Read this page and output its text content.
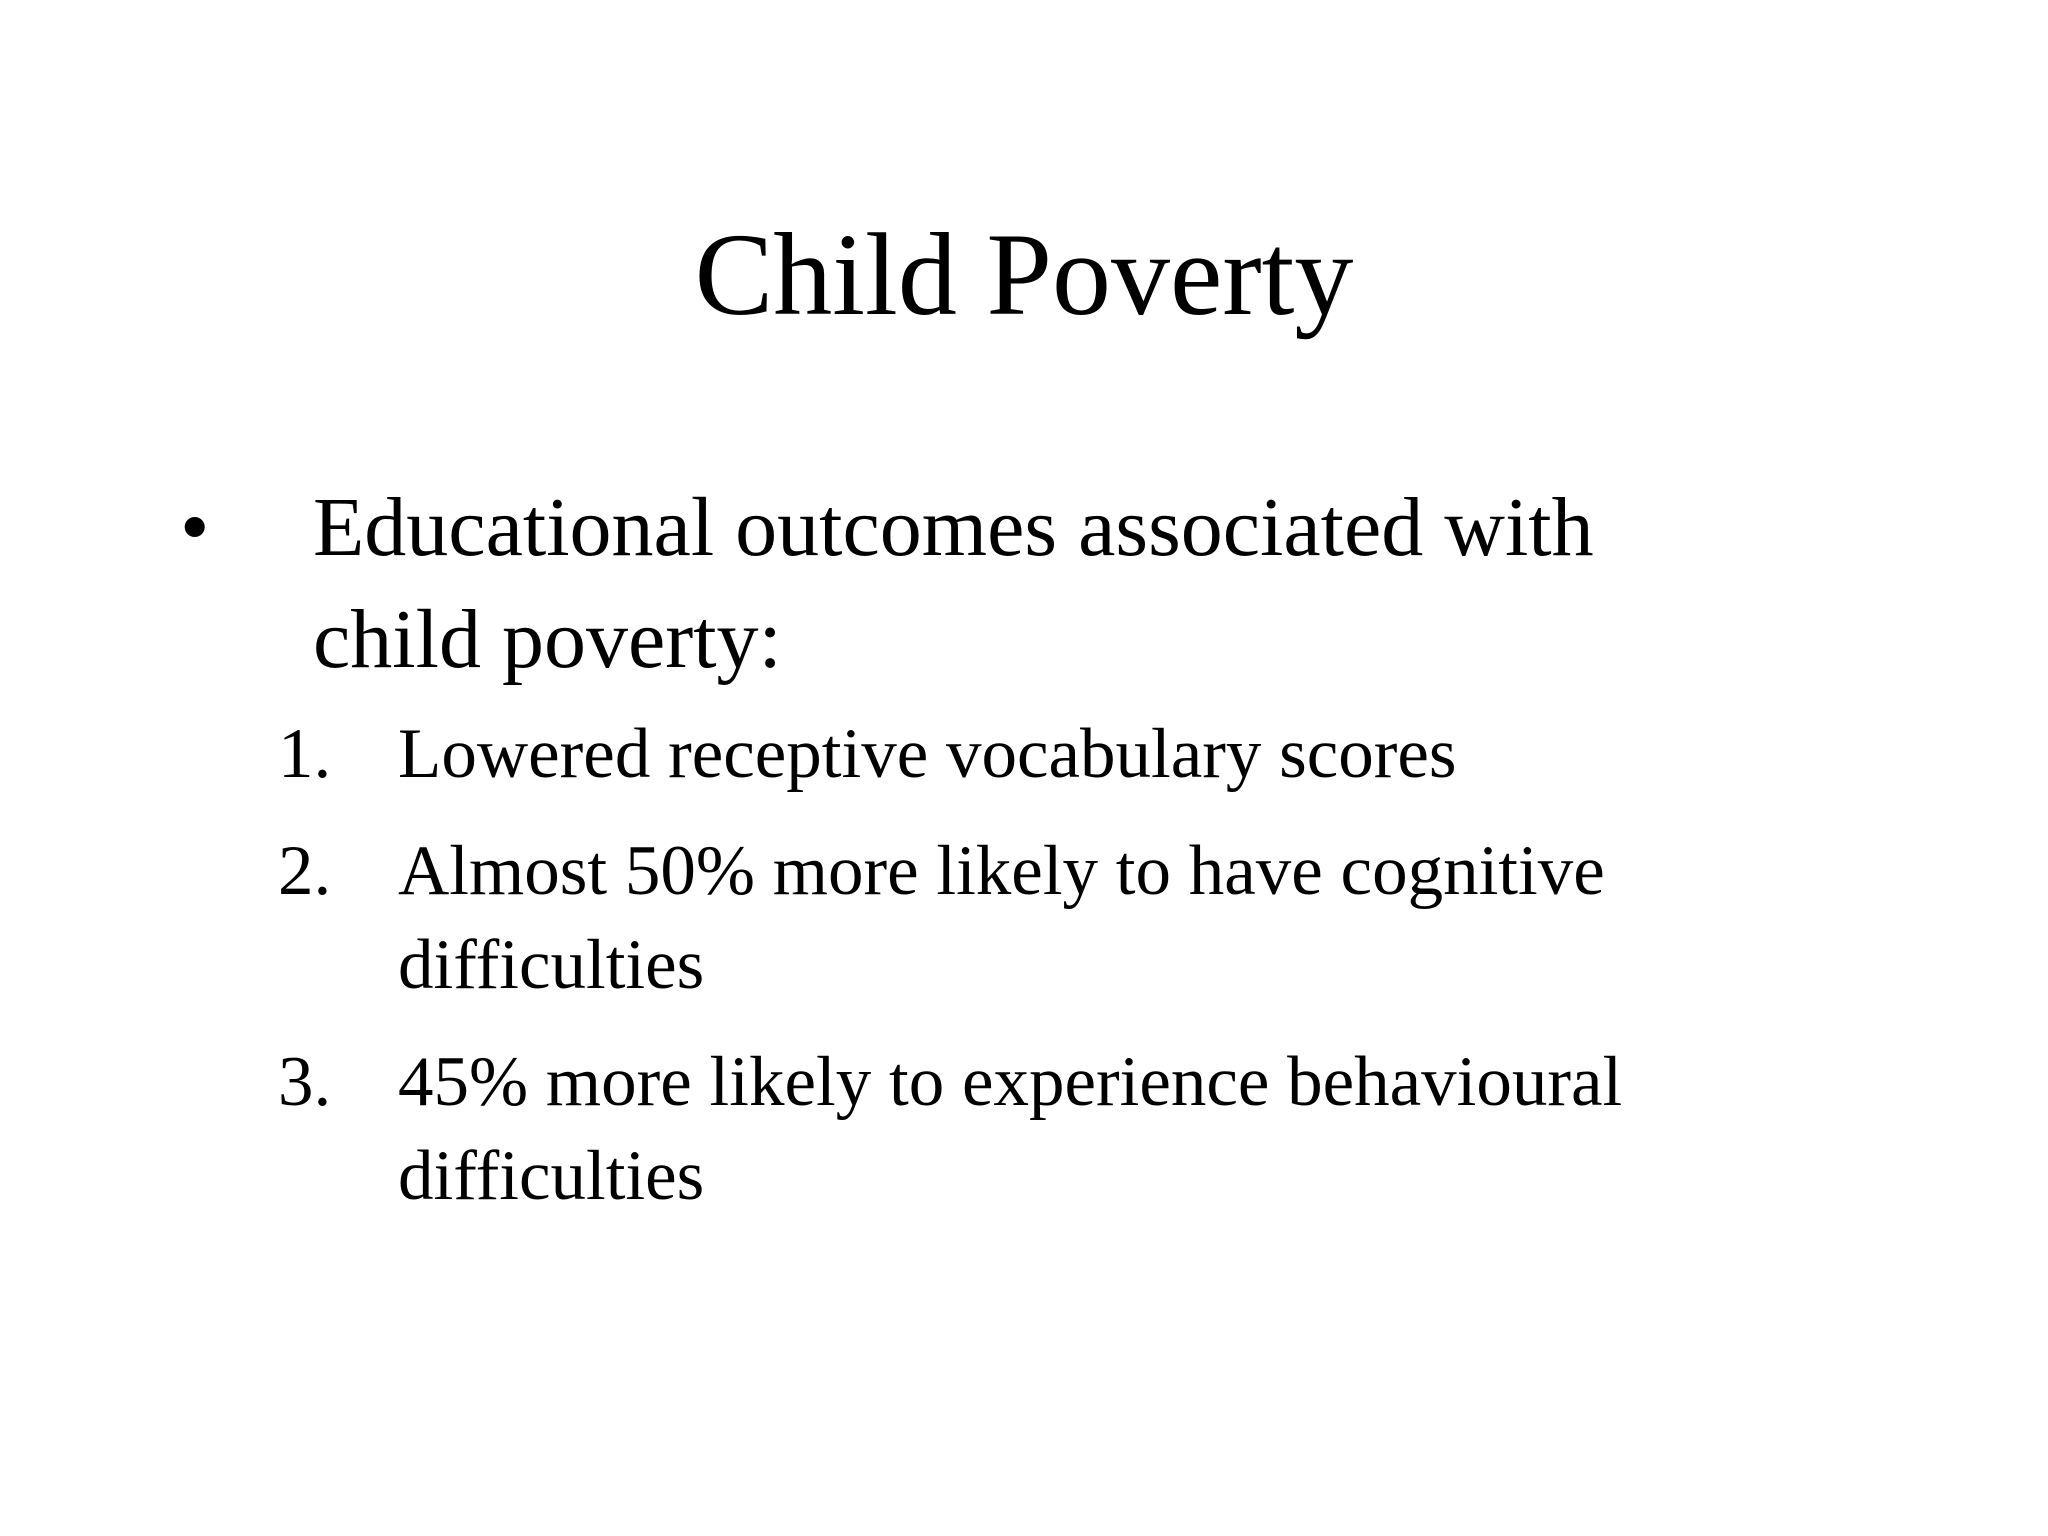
Child Poverty
• Educational outcomes associated with child poverty:
1. Lowered receptive vocabulary scores
2. Almost 50% more likely to have cognitive difficulties
3. 45% more likely to experience behavioural difficulties
